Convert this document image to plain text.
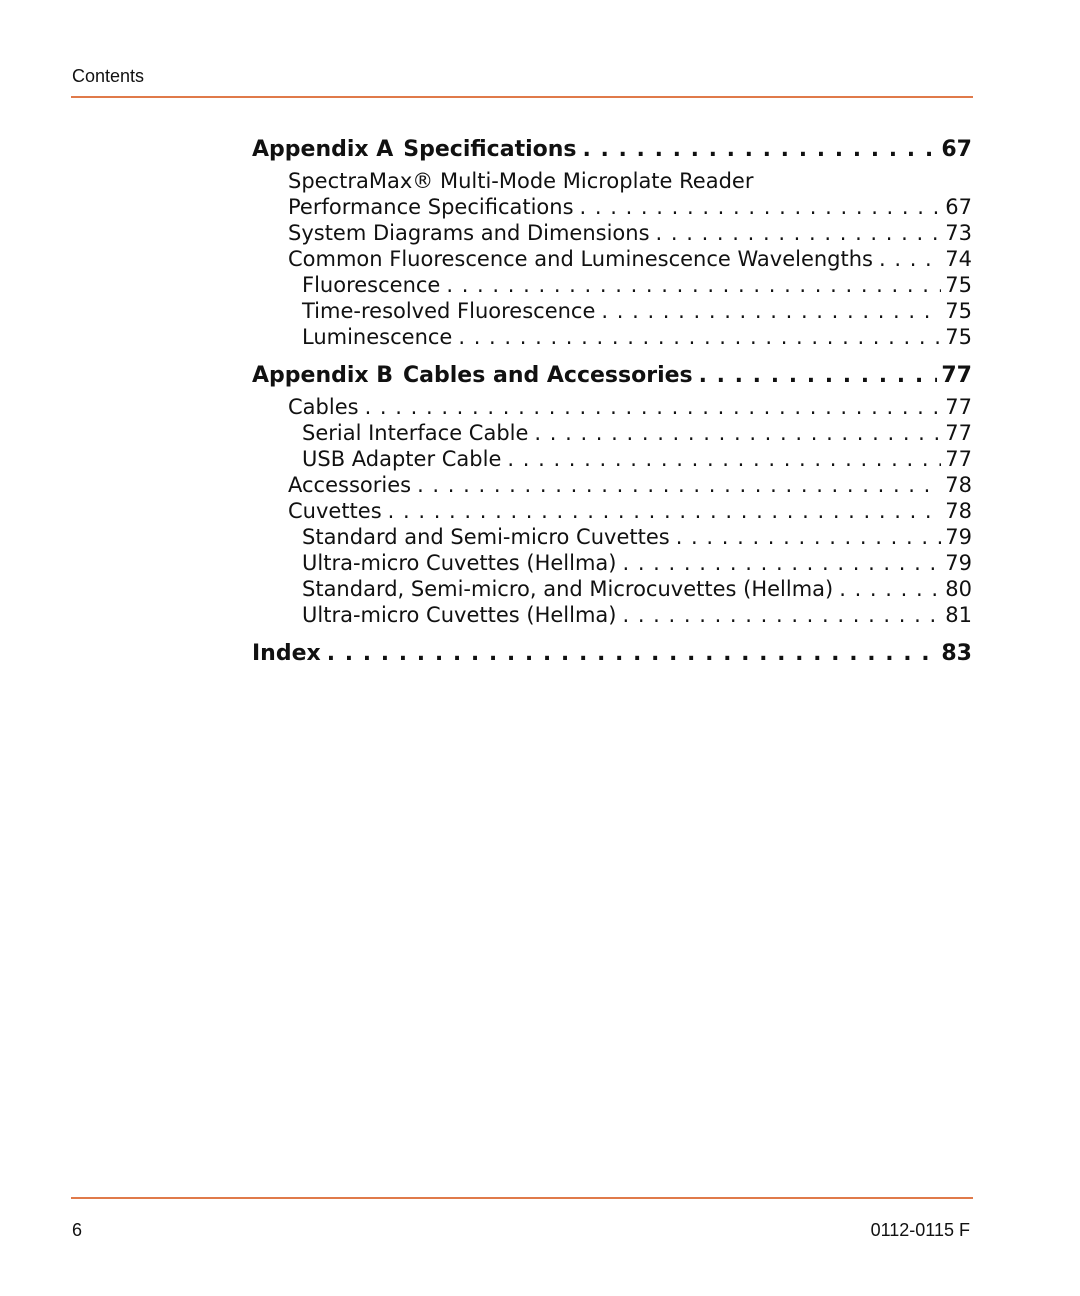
Contents
Appendix A Specifications . . .	67
SpectraMax® Multi-Mode Microplate Reader
Performance Specifications . . .	67
System Diagrams and Dimensions . . .	73
Common Fluorescence and Luminescence Wavelengths . . .	74
Fluorescence . . .	75
Time-resolved Fluorescence . . .	75
Luminescence . . .	75
Appendix B Cables and Accessories . . .	77
Cables . . .	77
Serial Interface Cable . . .	77
USB Adapter Cable . . .	77
Accessories . . .	78
Cuvettes . . .	78
Standard and Semi-micro Cuvettes . . .	79
Ultra-micro Cuvettes (Hellma) . . .	79
Standard, Semi-micro, and Microcuvettes (Hellma) . . .	80
Ultra-micro Cuvettes (Hellma) . . .	81
Index . . .	83
6	0112-0115 F
